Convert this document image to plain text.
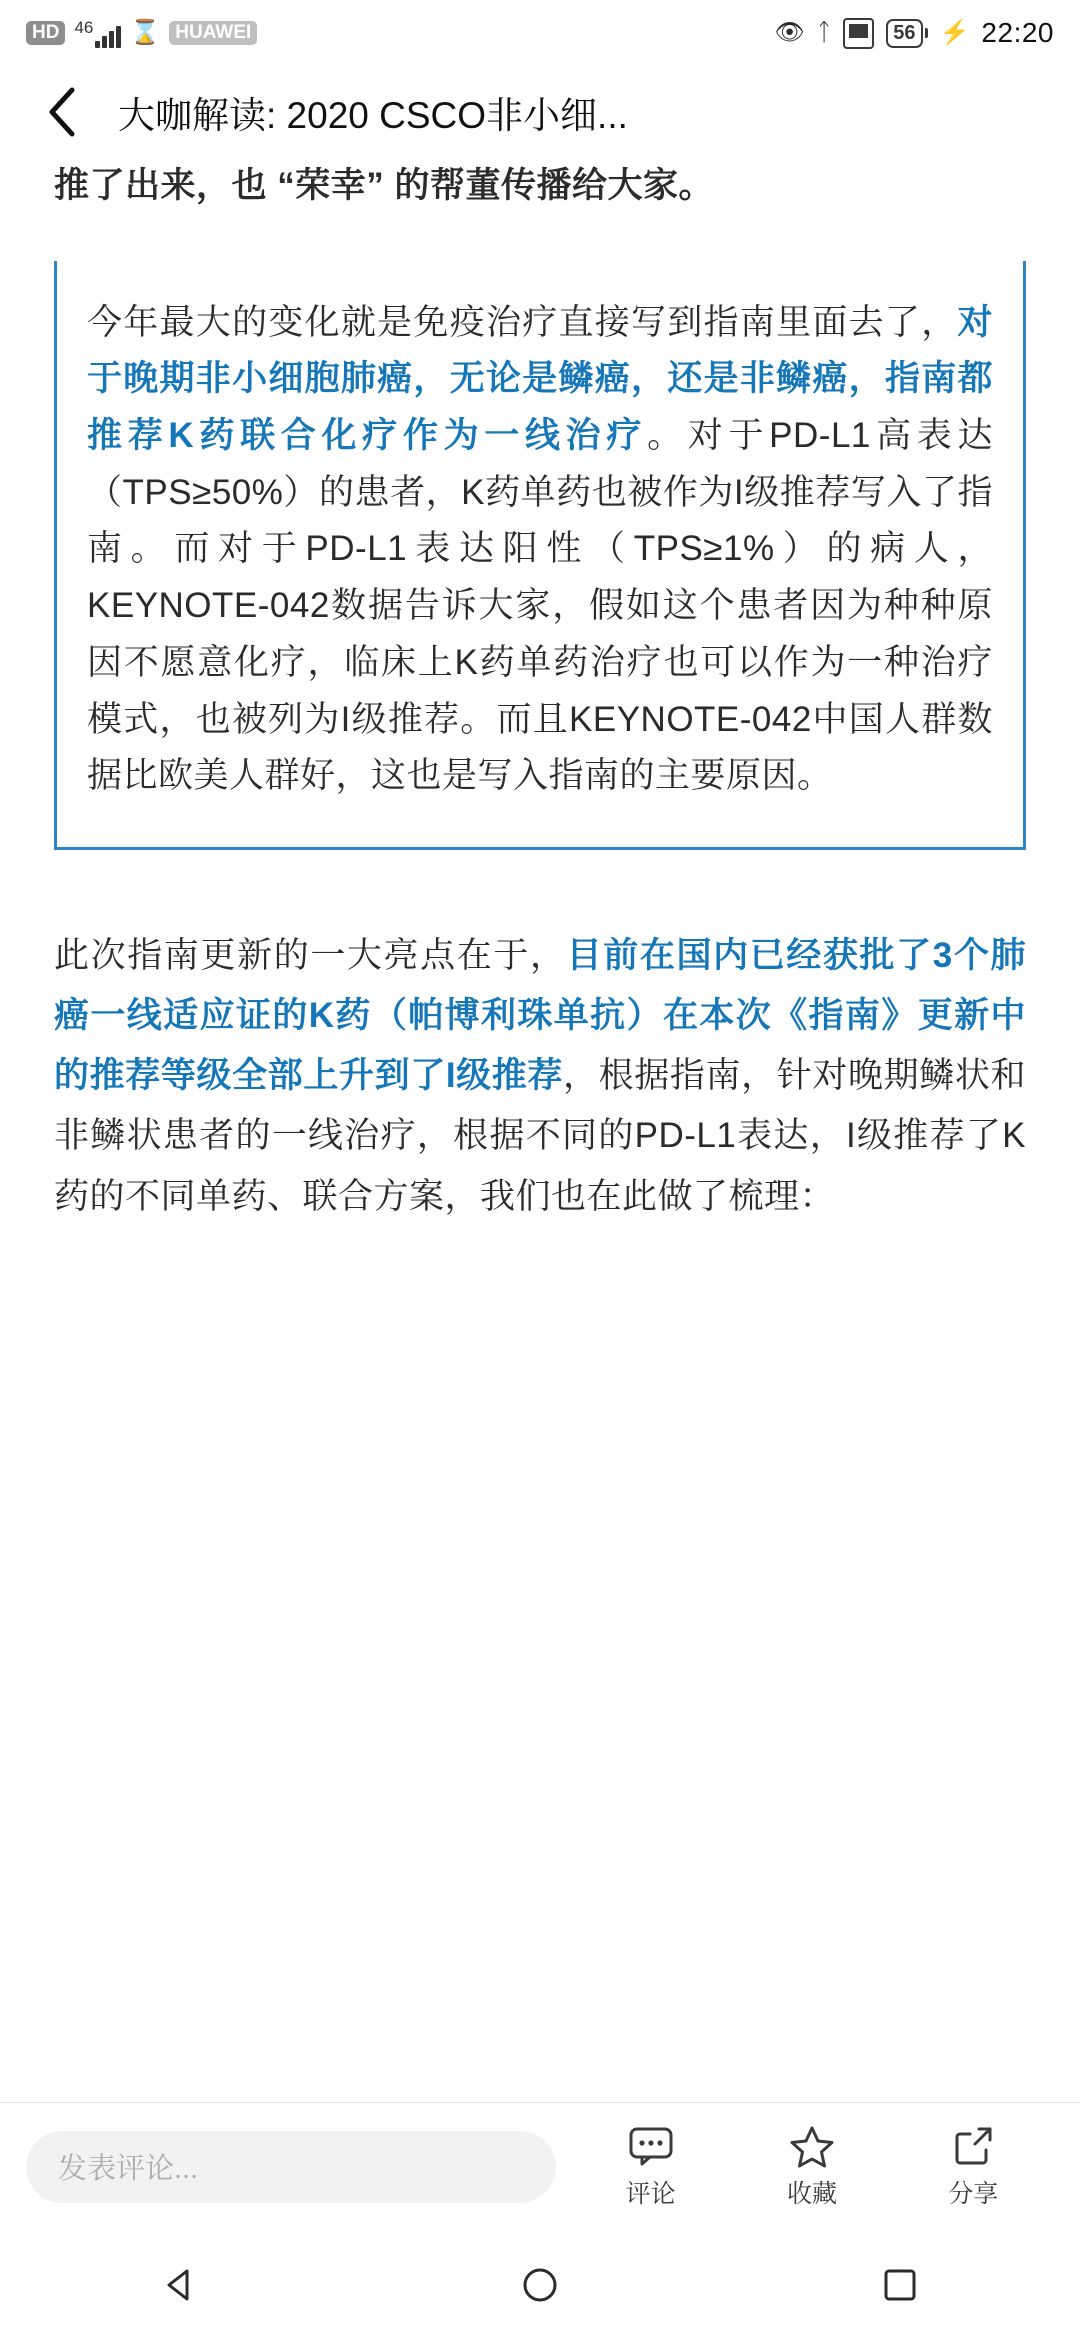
HD 46 ⌛ HUAWEI	👁 ᛏ	56 ⚡ 22:20
大咖解读: 2020 CSCO非小细...

推了出来，也 “荣幸” 的帮董传播给大家。

今年最大的变化就是免疫治疗直接写到指南里面去了，对于晚期非小细胞肺癌，无论是鳞癌，还是非鳞癌，指南都推荐K药联合化疗作为一线治疗。对于PD-L1高表达（TPS≥50%）的患者，K药单药也被作为I级推荐写入了指南。而对于PD-L1表达阳性（TPS≥1%）的病人，KEYNOTE-042数据告诉大家，假如这个患者因为种种原因不愿意化疗，临床上K药单药治疗也可以作为一种治疗模式，也被列为I级推荐。而且KEYNOTE-042中国人群数据比欧美人群好，这也是写入指南的主要原因。

此次指南更新的一大亮点在于，目前在国内已经获批了3个肺癌一线适应证的K药（帕博利珠单抗）在本次《指南》更新中的推荐等级全部上升到了I级推荐，根据指南，针对晚期鳞状和非鳞状患者的一线治疗，根据不同的PD-L1表达，I级推荐了K药的不同单药、联合方案，我们也在此做了梳理：

发表评论...
评论	收藏	分享
